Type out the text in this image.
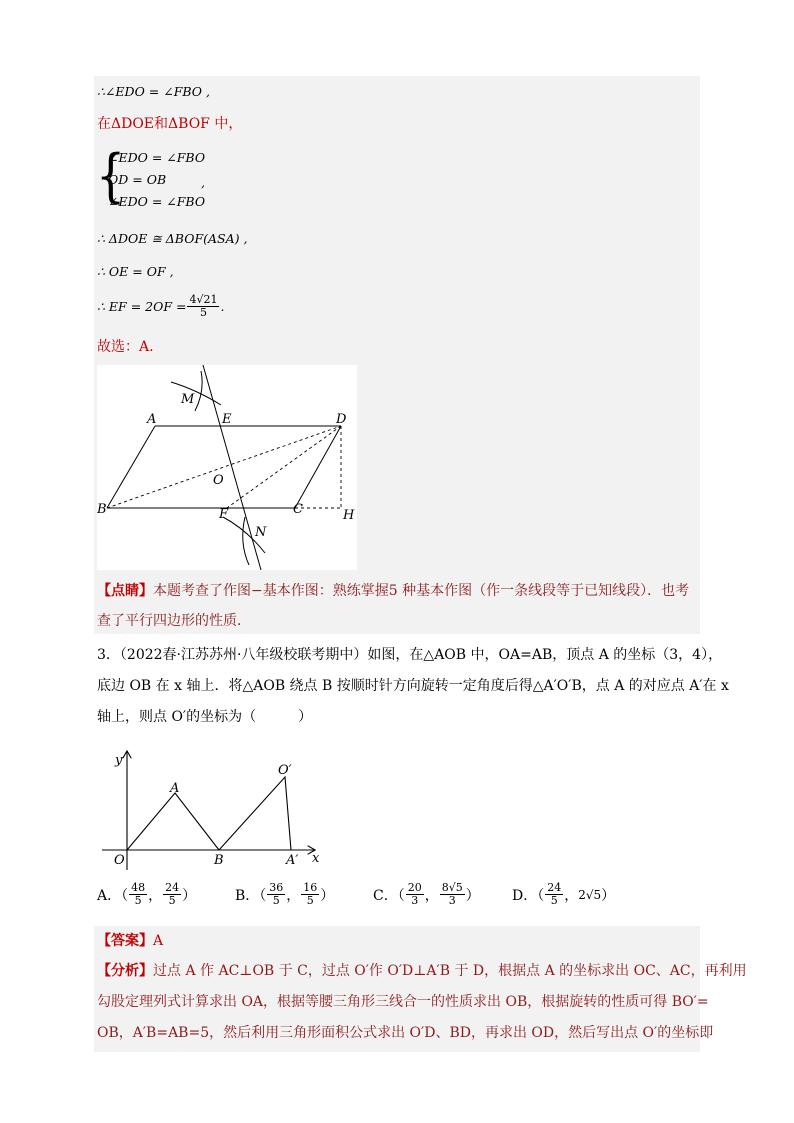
∴∠EDO = ∠FBO ,
在ΔDOE和ΔBOF 中，
{
∠EDO = ∠FBO
OD = OB
∠EDO = ∠FBO
,
∴ ΔDOE ≅ ΔBOF(ASA) ,
∴ OE = OF ,
∴ EF = $2OF = \frac{4√21}{5}$ .
故选：A.
M
A	E	D
O
B	F	C	H
N
【点睛】本题考查了作图−基本作图：熟练掌握5 种基本作图（作一条线段等于已知线段）．也考
查了平行四边形的性质．
3．（2022春·江苏苏州·八年级校联考期中）如图，在△AOB 中，OA=AB，顶点 A 的坐标（3，4），
底边 OB 在 x 轴上．将△AOB 绕点 B 按顺时针方向旋转一定角度后得△A′O′B，点 A 的对应点 A′在 x
轴上，则点 O′的坐标为（　　　）
y
A
O′
O	B	A′ x
A．（ $\frac{48}{5}$ ， $\frac{24}{5}$ ）	B．（ $\frac{36}{5}$ ， $\frac{16}{5}$ ）	C．（ $\frac{20}{3}$ ， $\frac{8√5}{3}$ ） D．（ $\frac{24}{5}$ ， 2√5 ）
【答案】A
【分析】过点 A 作 AC⊥OB 于 C，过点 O′作 O′D⊥A′B 于 D，根据点 A 的坐标求出 OC、AC，再利用
勾股定理列式计算求出 OA，根据等腰三角形三线合一的性质求出 OB，根据旋转的性质可得 BO′=
OB，A′B=AB=5，然后利用三角形面积公式求出 O′D、BD，再求出 OD，然后写出点 O′的坐标即
